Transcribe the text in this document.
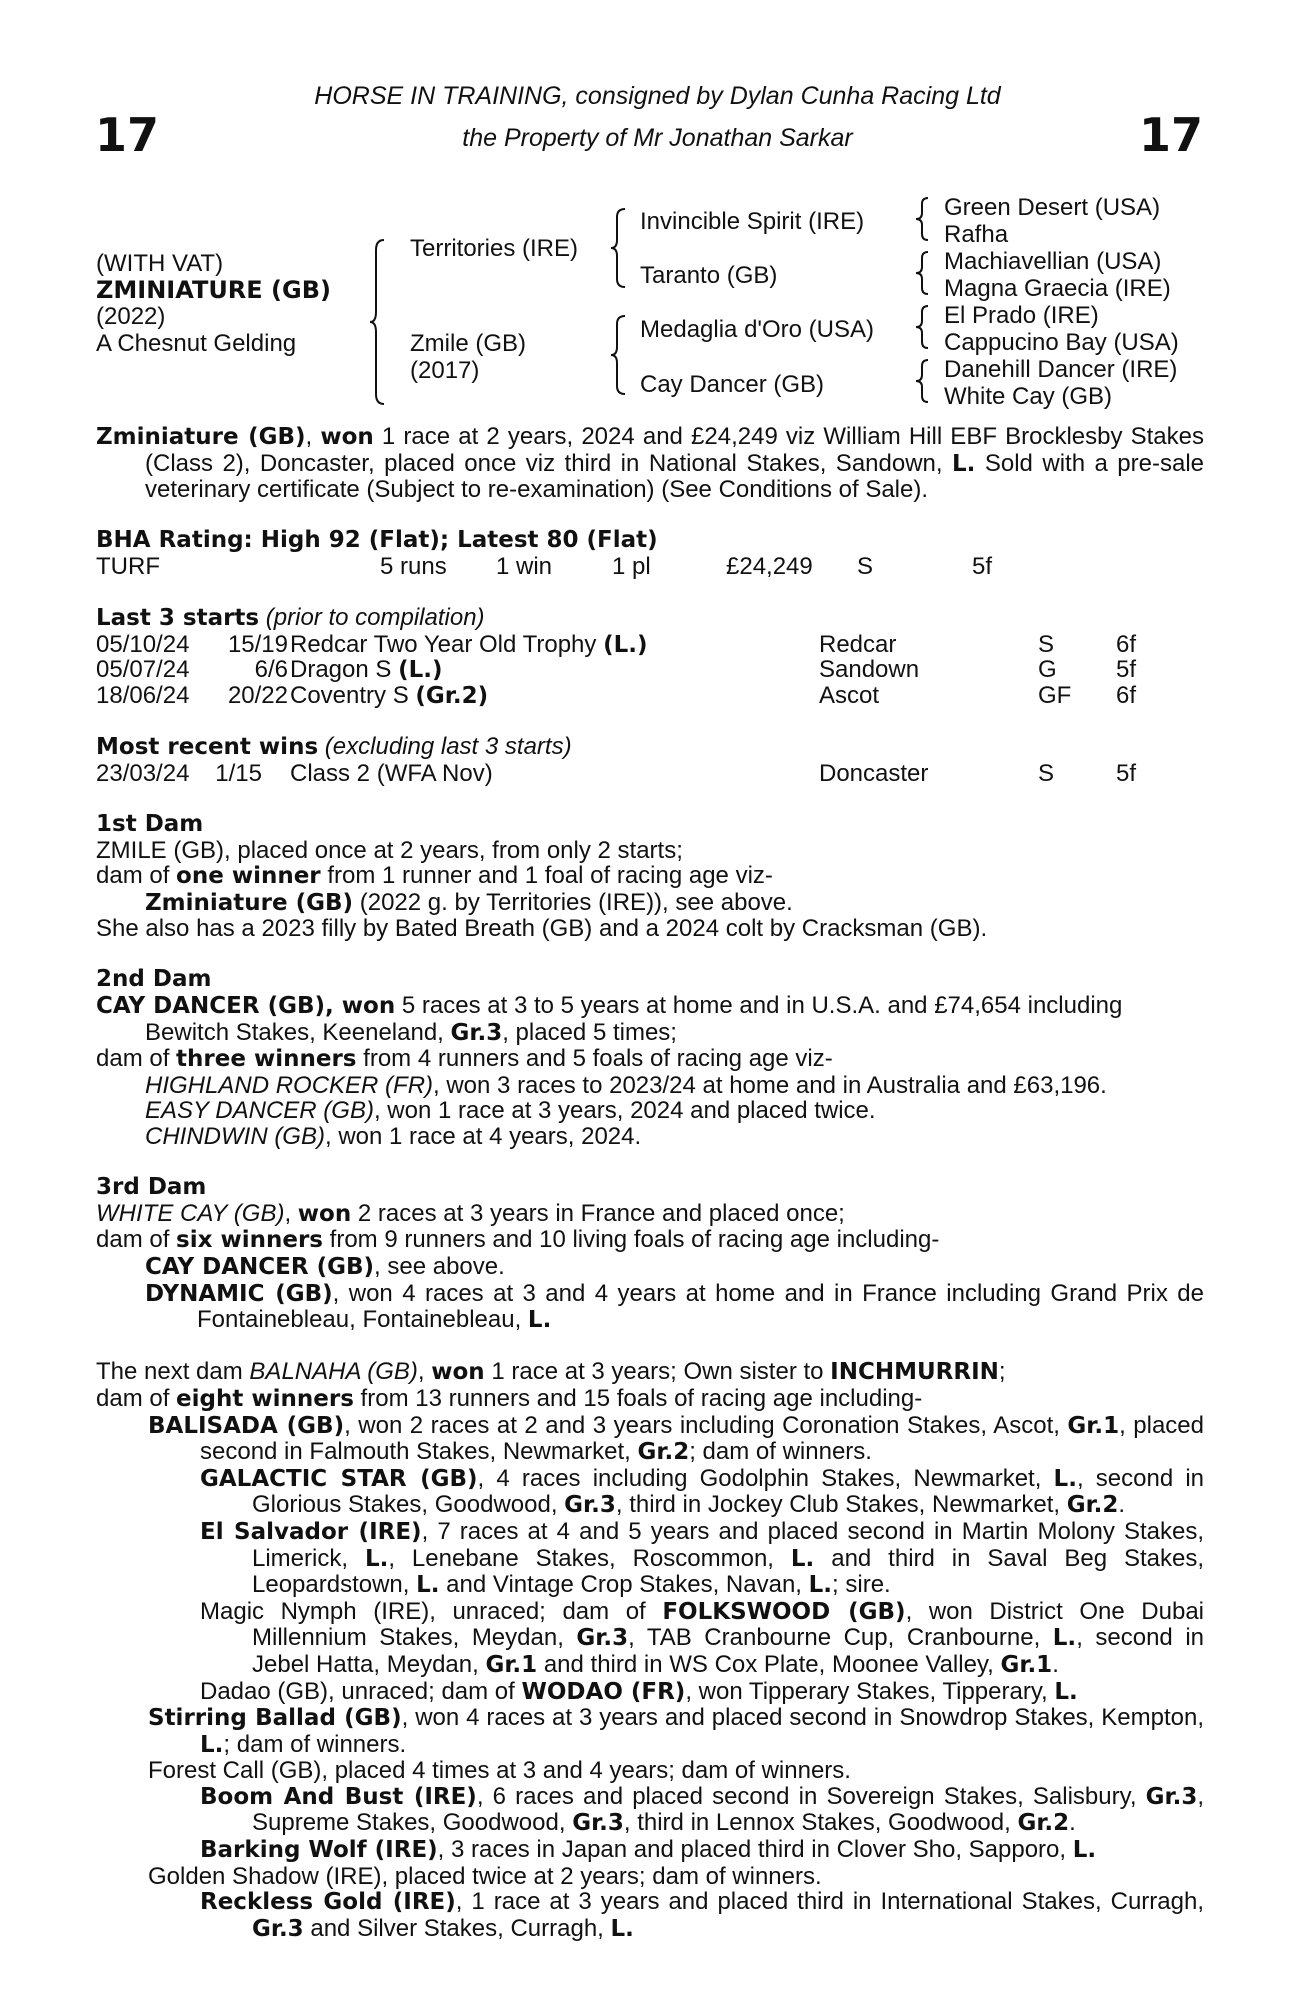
17	17
HORSE IN TRAINING, consigned by Dylan Cunha Racing Ltd
the Property of Mr Jonathan Sarkar
(WITH VAT)
ZMINIATURE (GB)
(2022)
A Chesnut Gelding
Territories (IRE)
Zmile (GB)
(2017)
Invincible Spirit (IRE)
Taranto (GB)
Medaglia d'Oro (USA)
Cay Dancer (GB)
Green Desert (USA)
Rafha
Machiavellian (USA)
Magna Graecia (IRE)
El Prado (IRE)
Cappucino Bay (USA)
Danehill Dancer (IRE)
White Cay (GB)

Zminiature (GB), won 1 race at 2 years, 2024 and £24,249 viz William Hill EBF Brocklesby Stakes (Class 2), Doncaster, placed once viz third in National Stakes, Sandown, L. Sold with a pre-sale veterinary certificate (Subject to re-examination) (See Conditions of Sale).

BHA Rating: High 92 (Flat); Latest 80 (Flat)

TURF	5 runs 1 win 1 pl	£24,249 S	5f

Last 3 starts (prior to compilation)

05/10/24	15/19 Redcar Two Year Old Trophy (L.)	Redcar	S	6f
05/07/24	6/6 Dragon S (L.)	Sandown	G 5f
18/06/24	20/22 Coventry S (Gr.2)	Ascot	GF 6f

Most recent wins (excluding last 3 starts)

23/03/24	1/15 Class 2 (WFA Nov)	Doncaster	S	5f

1st Dam

ZMILE (GB), placed once at 2 years, from only 2 starts;

dam of one winner from 1 runner and 1 foal of racing age viz-

Zminiature (GB) (2022 g. by Territories (IRE)), see above.

She also has a 2023 filly by Bated Breath (GB) and a 2024 colt by Cracksman (GB).

2nd Dam

CAY DANCER (GB), won 5 races at 3 to 5 years at home and in U.S.A. and £74,654 including Bewitch Stakes, Keeneland, Gr.3, placed 5 times;

dam of three winners from 4 runners and 5 foals of racing age viz-

HIGHLAND ROCKER (FR), won 3 races to 2023/24 at home and in Australia and £63,196.

EASY DANCER (GB), won 1 race at 3 years, 2024 and placed twice.

CHINDWIN (GB), won 1 race at 4 years, 2024.

3rd Dam

WHITE CAY (GB), won 2 races at 3 years in France and placed once;

dam of six winners from 9 runners and 10 living foals of racing age including-

CAY DANCER (GB), see above.

DYNAMIC (GB), won 4 races at 3 and 4 years at home and in France including Grand Prix de Fontainebleau, Fontainebleau, L.

The next dam BALNAHA (GB), won 1 race at 3 years; Own sister to INCHMURRIN;

dam of eight winners from 13 runners and 15 foals of racing age including-

BALISADA (GB), won 2 races at 2 and 3 years including Coronation Stakes, Ascot, Gr.1, placed second in Falmouth Stakes, Newmarket, Gr.2; dam of winners.

GALACTIC STAR (GB), 4 races including Godolphin Stakes, Newmarket, L., second in Glorious Stakes, Goodwood, Gr.3, third in Jockey Club Stakes, Newmarket, Gr.2.

El Salvador (IRE), 7 races at 4 and 5 years and placed second in Martin Molony Stakes, Limerick, L., Lenebane Stakes, Roscommon, L. and third in Saval Beg Stakes, Leopardstown, L. and Vintage Crop Stakes, Navan, L.; sire.

Magic Nymph (IRE), unraced; dam of FOLKSWOOD (GB), won District One Dubai Millennium Stakes, Meydan, Gr.3, TAB Cranbourne Cup, Cranbourne, L., second in Jebel Hatta, Meydan, Gr.1 and third in WS Cox Plate, Moonee Valley, Gr.1.

Dadao (GB), unraced; dam of WODAO (FR), won Tipperary Stakes, Tipperary, L.

Stirring Ballad (GB), won 4 races at 3 years and placed second in Snowdrop Stakes, Kempton, L.; dam of winners.

Forest Call (GB), placed 4 times at 3 and 4 years; dam of winners.

Boom And Bust (IRE), 6 races and placed second in Sovereign Stakes, Salisbury, Gr.3, Supreme Stakes, Goodwood, Gr.3, third in Lennox Stakes, Goodwood, Gr.2.

Barking Wolf (IRE), 3 races in Japan and placed third in Clover Sho, Sapporo, L.

Golden Shadow (IRE), placed twice at 2 years; dam of winners.

Reckless Gold (IRE), 1 race at 3 years and placed third in International Stakes, Curragh, Gr.3 and Silver Stakes, Curragh, L.
